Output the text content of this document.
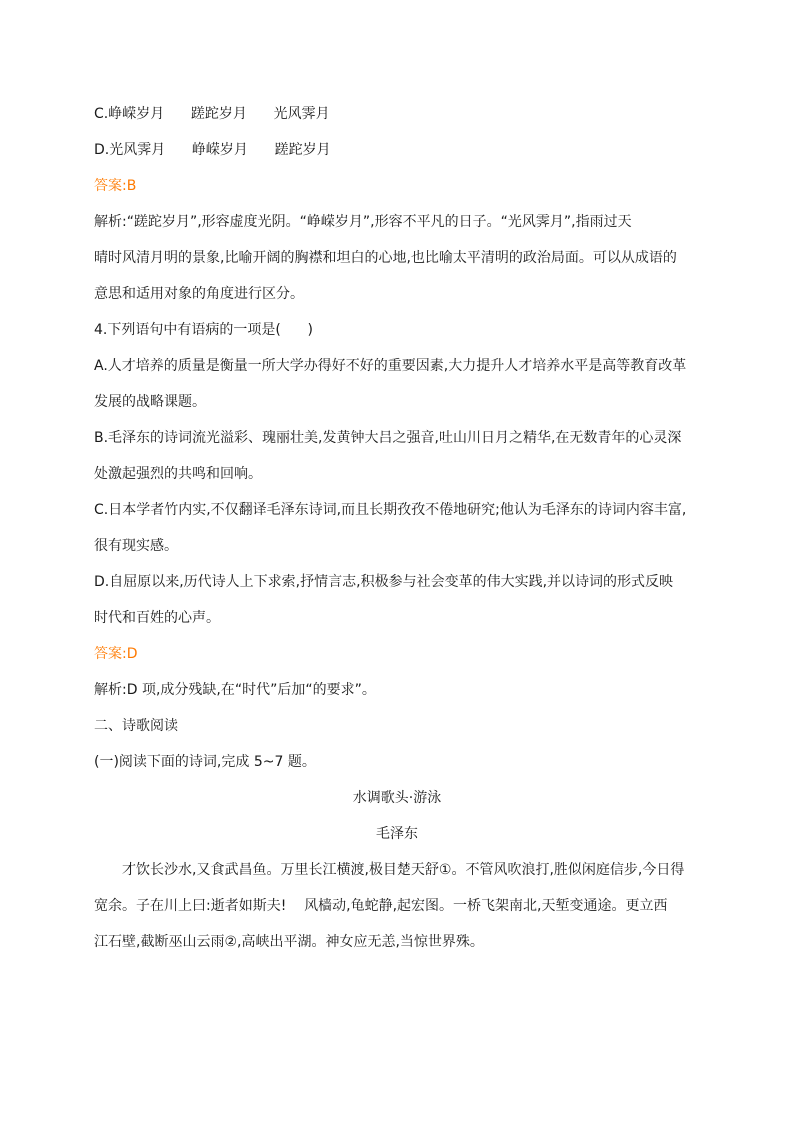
C.峥嵘岁月      蹉跎岁月      光风霁月
D.光风霁月      峥嵘岁月      蹉跎岁月
答案:B
解析:“蹉跎岁月”,形容虚度光阴。“峥嵘岁月”,形容不平凡的日子。“光风霁月”,指雨过天
晴时风清月明的景象,比喻开阔的胸襟和坦白的心地,也比喻太平清明的政治局面。可以从成语的
意思和适用对象的角度进行区分。
4.下列语句中有语病的一项是(      )
A.人才培养的质量是衡量一所大学办得好不好的重要因素,大力提升人才培养水平是高等教育改革
发展的战略课题。
B.毛泽东的诗词流光溢彩、瑰丽壮美,发黄钟大吕之强音,吐山川日月之精华,在无数青年的心灵深
处激起强烈的共鸣和回响。
C.日本学者竹内实,不仅翻译毛泽东诗词,而且长期孜孜不倦地研究;他认为毛泽东的诗词内容丰富,
很有现实感。
D.自屈原以来,历代诗人上下求索,抒情言志,积极参与社会变革的伟大实践,并以诗词的形式反映
时代和百姓的心声。
答案:D
解析:D 项,成分残缺,在“时代”后加“的要求”。
二、诗歌阅读
(一)阅读下面的诗词,完成 5~7 题。
水调歌头·游泳
毛泽东
才饮长沙水,又食武昌鱼。万里长江横渡,极目楚天舒①。不管风吹浪打,胜似闲庭信步,今日得
宽余。子在川上曰:逝者如斯夫!    风樯动,龟蛇静,起宏图。一桥飞架南北,天堑变通途。更立西
江石壁,截断巫山云雨②,高峡出平湖。神女应无恙,当惊世界殊。
